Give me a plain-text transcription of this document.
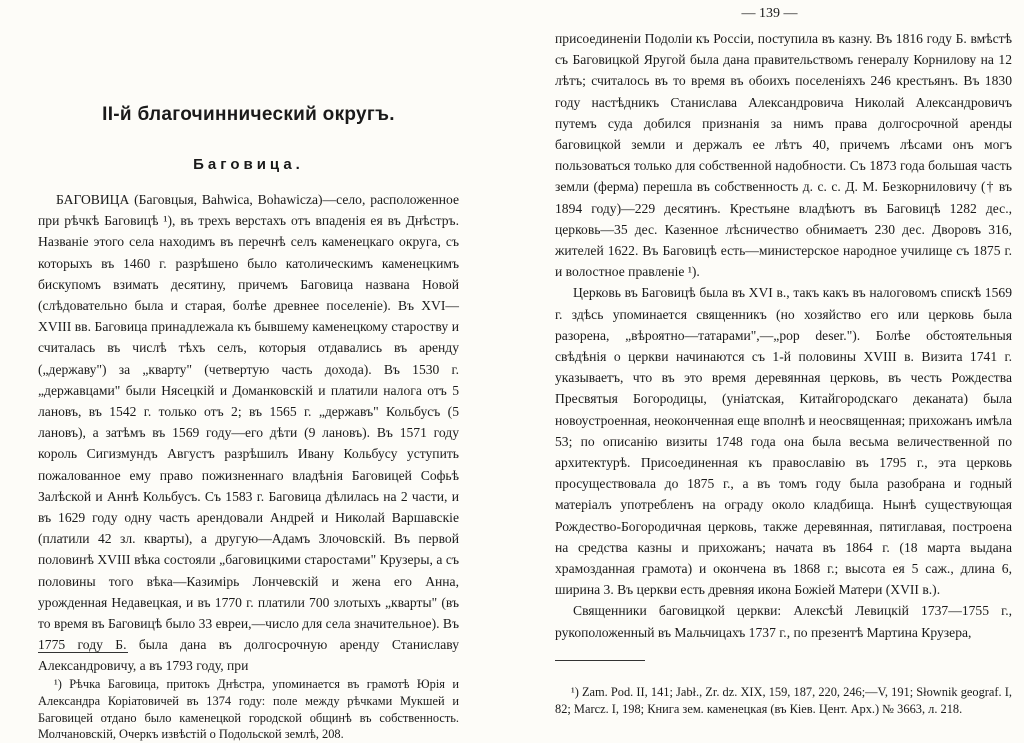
II-й благочиннический округъ.
Баговица.

БАГОВИЦА (Баговцыя, Bahwica, Bohawicza)—село, расположенное при рѣчкѣ Баговицѣ ¹), въ трехъ верстахъ отъ впаденія ея въ Днѣстръ. Названіе этого села находимъ въ перечнѣ селъ каменецкаго округа, съ которыхъ въ 1460 г. разрѣшено было католическимъ каменецкимъ бискупомъ взимать десятину, причемъ Баговица названа Новой (слѣдовательно была и старая, болѣе древнее поселеніе). Въ XVI—XVIII вв. Баговица принадлежала къ бывшему каменецкому староству и считалась въ числѣ тѣхъ селъ, которыя отдавались въ аренду („державу") за „кварту" (четвертую часть дохода). Въ 1530 г. „державцами" были Нясецкій и Доманковскій и платили налога отъ 5 лановъ, въ 1542 г. только отъ 2; въ 1565 г. „державъ" Кольбусъ (5 лановъ), а затѣмъ въ 1569 году—его дѣти (9 лановъ). Въ 1571 году король Сигизмундъ Августъ разрѣшилъ Ивану Кольбусу уступить пожалованное ему право пожизненнаго владѣнія Баговицей Софьѣ Залѣской и Аннѣ Кольбусъ. Съ 1583 г. Баговица дѣлилась на 2 части, и въ 1629 году одну часть арендовали Андрей и Николай Варшавскіе (платили 42 зл. кварты), а другую—Адамъ Злочовскій. Въ первой половинѣ XVIII вѣка состояли „баговицкими старостами" Крузеры, а съ половины того вѣка—Казимірь Лончевскій и жена его Анна, урожденная Недавецкая, и въ 1770 г. платили 700 злотыхъ „кварты" (въ то время въ Баговицѣ было 33 евреи,—число для села значительное). Въ 1775 году Б. была дана въ долгосрочную аренду Станиславу Александровичу, а въ 1793 году, при

¹) Рѣчка Баговица, притокъ Днѣстра, упоминается въ грамотѣ Юрія и Александра Коріатовичей въ 1374 году: поле между рѣчками Мукшей и Баговицей отдано было каменецкой городской общинѣ въ собственность. Молчановскій, Очеркъ извѣстій о Подольской землѣ, 208.

— 139 —

присоединеніи Подоліи къ Россіи, поступила въ казну. Въ 1816 году Б. вмѣстѣ съ Баговицкой Яругой была дана правительствомъ генералу Корнилову на 12 лѣтъ; считалось въ то время въ обоихъ поселеніяхъ 246 крестьянъ. Въ 1830 году настѣдникъ Станислава Александровича Николай Александровичъ путемъ суда добился признанія за нимъ права долгосрочной аренды баговицкой земли и держалъ ее лѣтъ 40, причемъ лѣсами онъ могъ пользоваться только для собственной надобности. Съ 1873 года большая часть земли (ферма) перешла въ собственность д. с. с. Д. М. Безкорниловичу († въ 1894 году)—229 десятинъ. Крестьяне владѣютъ въ Баговицѣ 1282 дес., церковь—35 дес. Казенное лѣсничество обнимаетъ 230 дес. Дворовъ 316, жителей 1622. Въ Баговицѣ есть—министерское народное училище съ 1875 г. и волостное правленіе ¹).

Церковь въ Баговицѣ была въ XVI в., такъ какъ въ налоговомъ спискѣ 1569 г. здѣсь упоминается священникъ (но хозяйство его или церковь была разорена, „вѣроятно—татарами",—„pop deser."). Болѣе обстоятельныя свѣдѣнія о церкви начинаются съ 1-й половины XVIII в. Визита 1741 г. указываетъ, что въ это время деревянная церковь, въ честь Рождества Пресвятыя Богородицы, (уніатская, Китайгородскаго деканата) была новоустроенная, неоконченная еще вполнѣ и неосвященная; прихожанъ имѣла 53; по описанію визиты 1748 года она была весьма величественной по архитектурѣ. Присоединенная къ православію въ 1795 г., эта церковь просуществовала до 1875 г., а въ томъ году была разобрана и годный матеріалъ употребленъ на ограду около кладбища. Нынѣ существующая Рождество-Богородичная церковь, также деревянная, пятиглавая, построена на средства казны и прихожанъ; начата въ 1864 г. (18 марта выдана храмозданная грамота) и окончена въ 1868 г.; высота ея 5 саж., длина 6, ширина 3. Въ церкви есть древняя икона Божіей Матери (XVII в.).

Священники баговицкой церкви: Алексѣй Левицкій 1737—1755 г., рукоположенный въ Мальчицахъ 1737 г., по презентѣ Мартина Крузера,

¹) Zam. Pod. II, 141; Jabł., Zr. dz. XIX, 159, 187, 220, 246;—V, 191; Słownik geograf. I, 82; Marcz. I, 198; Книга зем. каменецкая (въ Кіев. Цент. Арх.) № 3663, л. 218.
